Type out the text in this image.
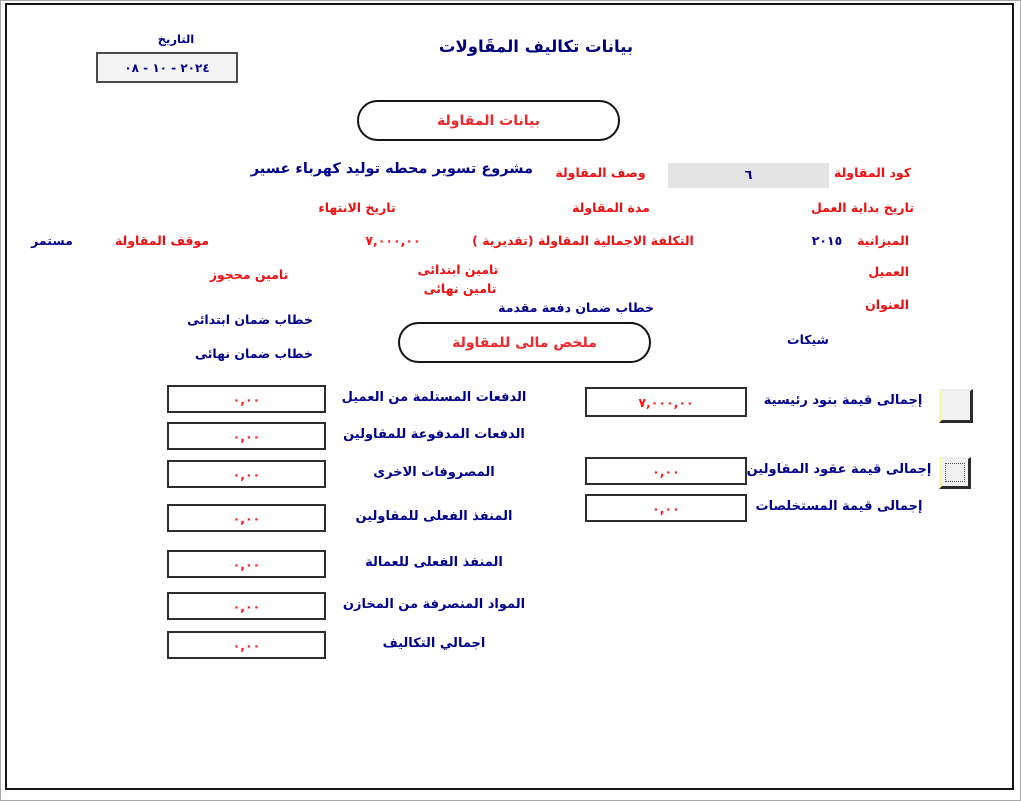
بيانات تكاليف المقَاولات
التاريخ
٢٠٢٤ - ١٠ - ٠٨
بيانات المقاولة
كود المقاولة
٦
وصف المقاولة
مشروع تسوير محطه توليد كهرباء عسير
تاريخ بداية العمل
مدة المقاولة
تاريخ الانتهاء
الميزانية
٢٠١٥
التكلفة الاجمالية المقاولة (تقديرية )
٧,٠٠٠,٠٠
موقف المقاولة
مستمر
العميل
تامين ابتدائى
تامين محجوز
تامين نهائى
العنوان
خطاب ضمان دفعة مقدمة
خطاب ضمان ابتدائى
شيكات
ملخص مالى للمقاولة
خطاب ضمان نهائى
إجمالى قيمة بنود رئيسية
٧,٠٠٠,٠٠
إجمالى قيمة عقود المقاولين
٠,٠٠
إجمالى قيمة المستخلصات
٠,٠٠
الدفعات المستلمة من العميل
٠,٠٠
الدفعات المدفوعة للمقاولين
٠,٠٠
المصروفات الاخرى
٠,٠٠
المنفذ الفعلى للمقاولين
٠,٠٠
المنفذ الفعلى للعمالة
٠,٠٠
المواد المنصرفة من المخازن
٠,٠٠
اجمالي التكاليف
٠,٠٠
